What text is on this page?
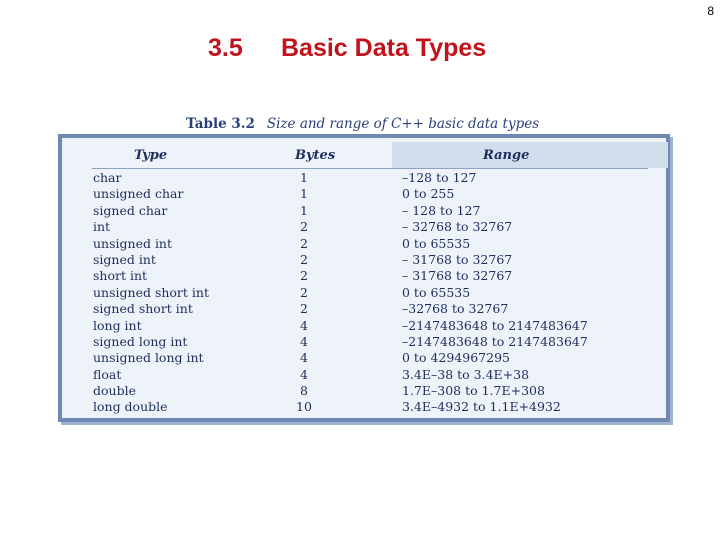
8
3.5 Basic Data Types
Table 3.2 Size and range of C++ basic data types
Type	Bytes	Range
char	1	–128 to 127
unsigned char	1	0 to 255
signed char	1	– 128 to 127
int	2	– 32768 to 32767
unsigned int	2	0 to 65535
signed int	2	– 31768 to 32767
short int	2	– 31768 to 32767
unsigned short int	2	0 to 65535
signed short int	2	–32768 to 32767
long int	4	–2147483648 to 2147483647
signed long int	4	–2147483648 to 2147483647
unsigned long int	4	0 to 4294967295
float	4	3.4E–38 to 3.4E+38
double	8	1.7E–308 to 1.7E+308
long double	10	3.4E–4932 to 1.1E+4932
